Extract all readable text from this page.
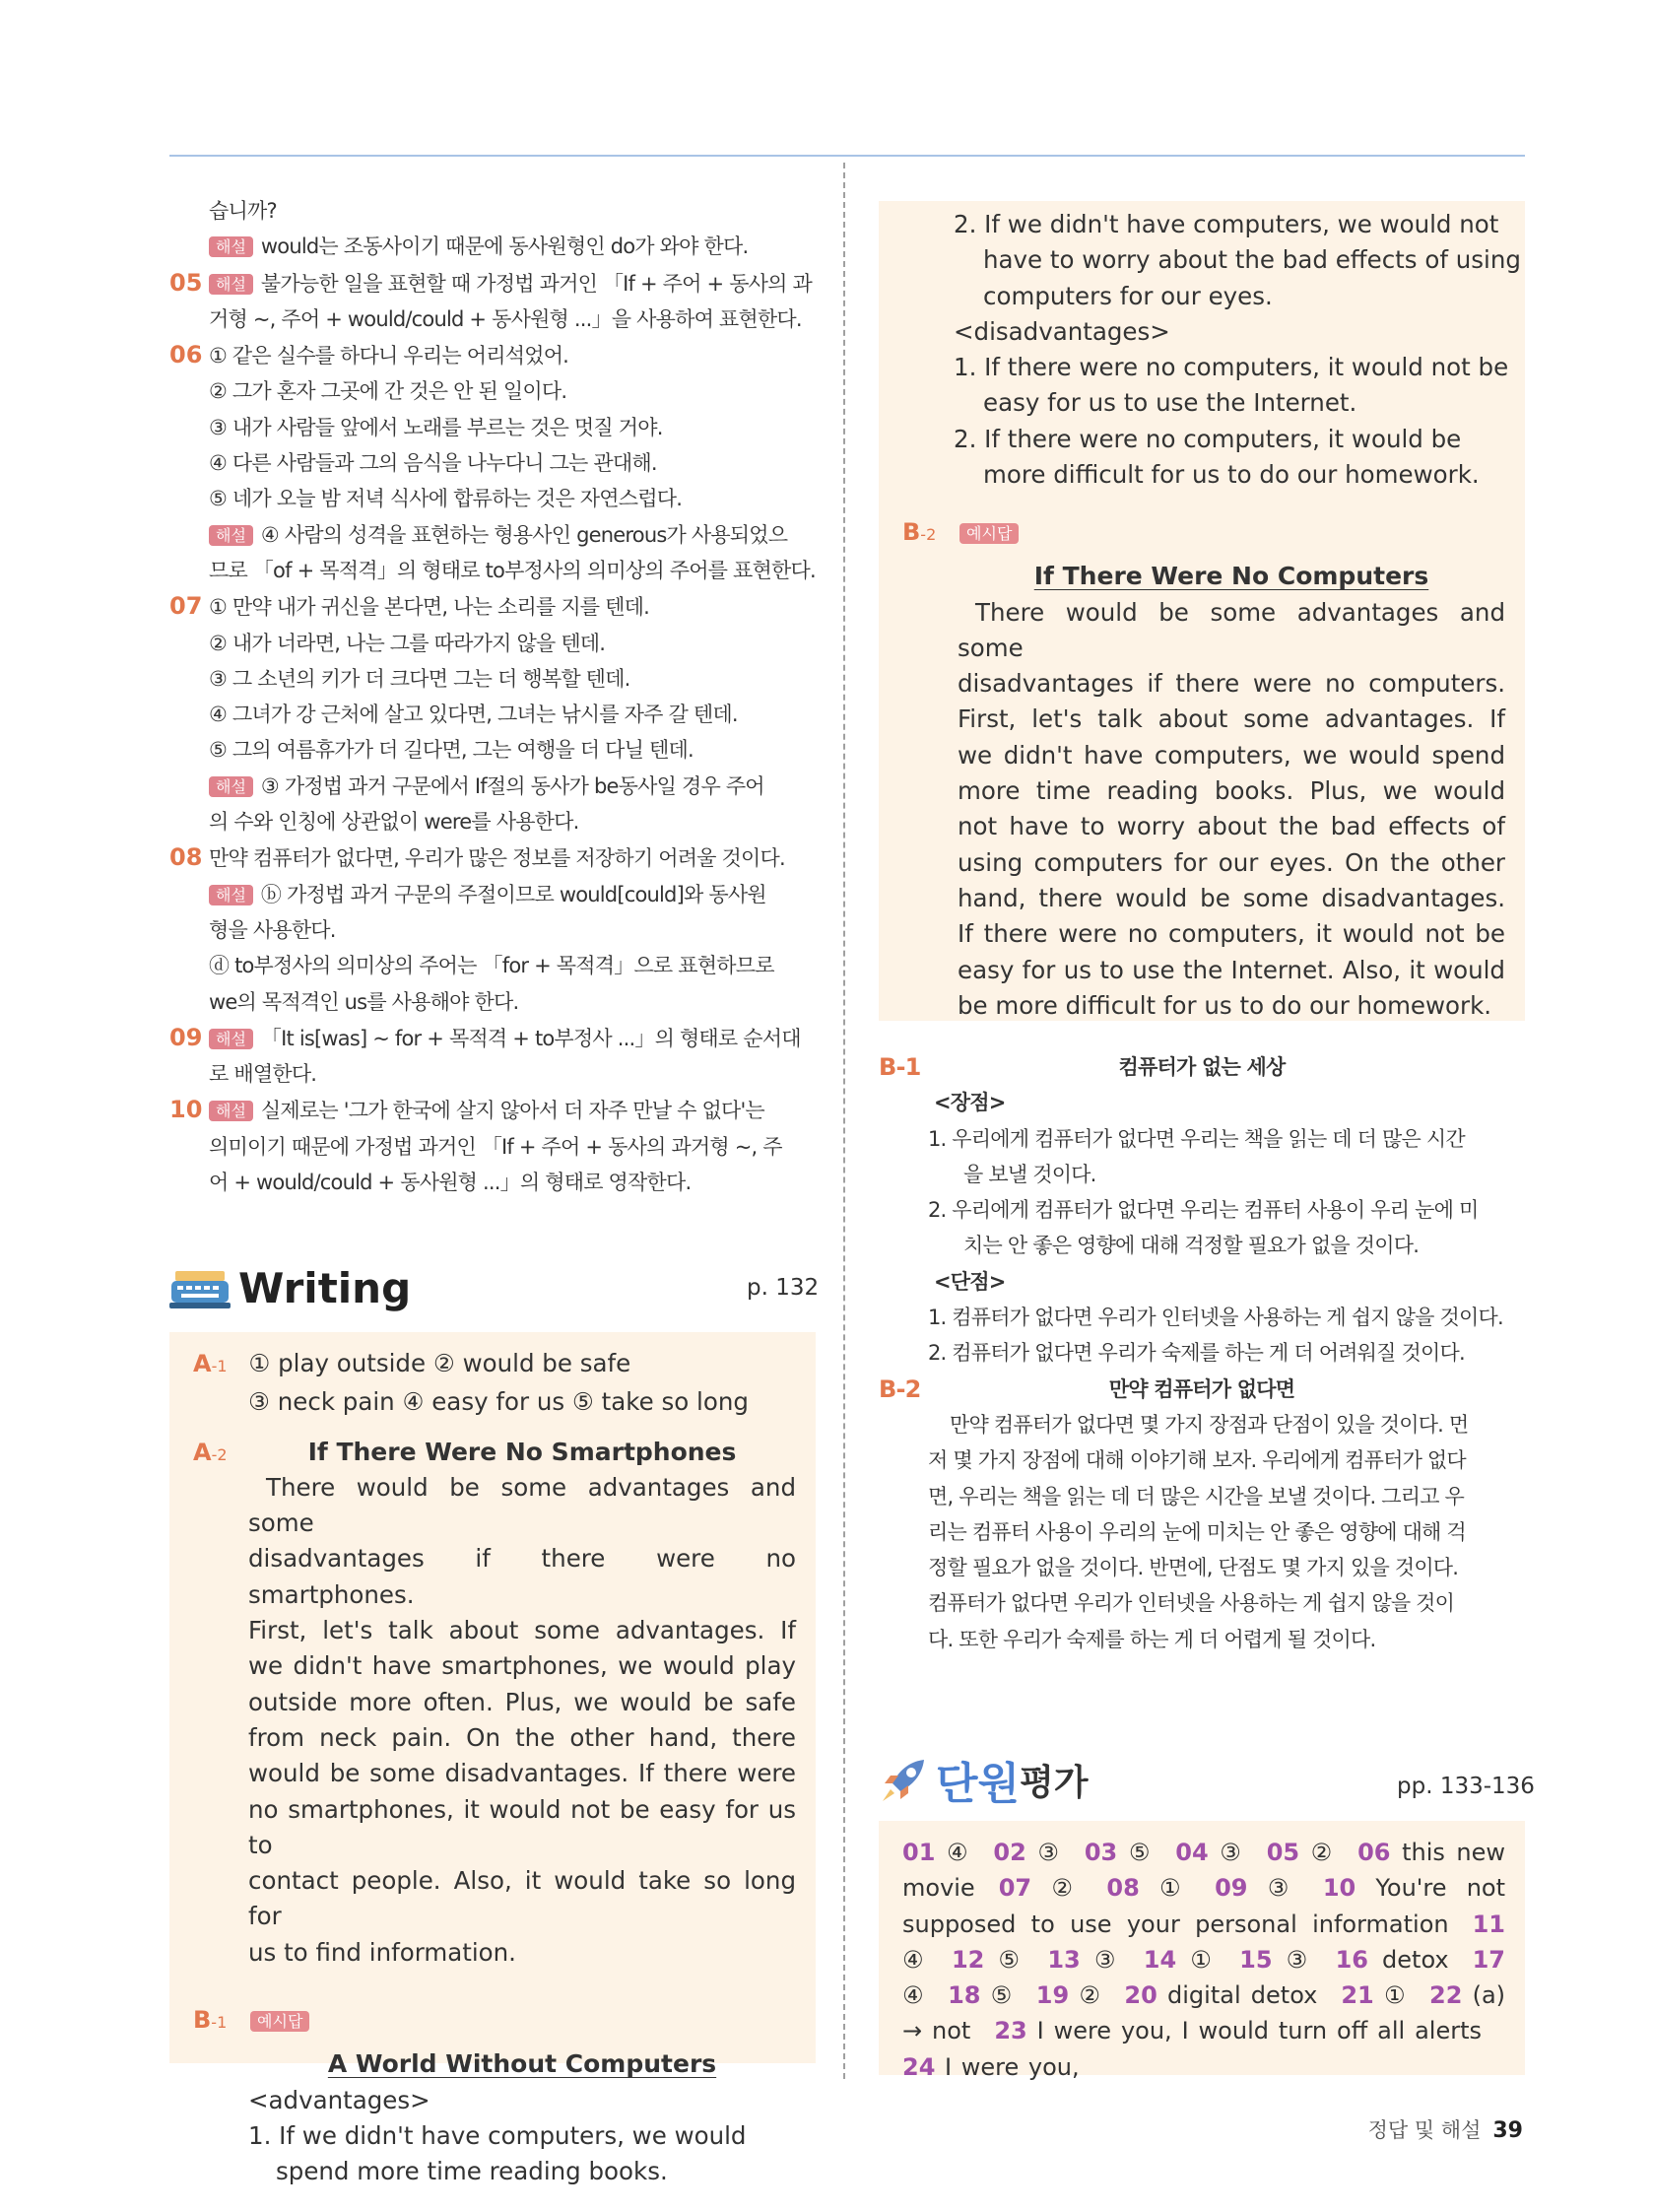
습니까?
해설 would는 조동사이기 때문에 동사원형인 do가 와야 한다.
05 해설 불가능한 일을 표현할 때 가정법 과거인 「If + 주어 + 동사의 과
거형 ~, 주어 + would/could + 동사원형 ...」을 사용하여 표현한다.
06 ① 같은 실수를 하다니 우리는 어리석었어.
② 그가 혼자 그곳에 간 것은 안 된 일이다.
③ 내가 사람들 앞에서 노래를 부르는 것은 멋질 거야.
④ 다른 사람들과 그의 음식을 나누다니 그는 관대해.
⑤ 네가 오늘 밤 저녁 식사에 합류하는 것은 자연스럽다.
해설 ④ 사람의 성격을 표현하는 형용사인 generous가 사용되었으
므로 「of + 목적격」의 형태로 to부정사의 의미상의 주어를 표현한다.
07 ① 만약 내가 귀신을 본다면, 나는 소리를 지를 텐데.
② 내가 너라면, 나는 그를 따라가지 않을 텐데.
③ 그 소년의 키가 더 크다면 그는 더 행복할 텐데.
④ 그녀가 강 근처에 살고 있다면, 그녀는 낚시를 자주 갈 텐데.
⑤ 그의 여름휴가가 더 길다면, 그는 여행을 더 다닐 텐데.
해설 ③ 가정법 과거 구문에서 If절의 동사가 be동사일 경우 주어
의 수와 인칭에 상관없이 were를 사용한다.
08 만약 컴퓨터가 없다면, 우리가 많은 정보를 저장하기 어려울 것이다.
해설 ⓑ 가정법 과거 구문의 주절이므로 would[could]와 동사원
형을 사용한다.
ⓓ to부정사의 의미상의 주어는 「for + 목적격」으로 표현하므로
we의 목적격인 us를 사용해야 한다.
09 해설 「It is[was] ~ for + 목적격 + to부정사 ...」의 형태로 순서대
로 배열한다.
10 해설 실제로는 '그가 한국에 살지 않아서 더 자주 만날 수 없다'는
의미이기 때문에 가정법 과거인 「If + 주어 + 동사의 과거형 ~, 주
어 + would/could + 동사원형 ...」의 형태로 영작한다.
Writing	p. 132
A-1 ① play outside ② would be safe
③ neck pain ④ easy for us ⑤ take so long
A-2	If There Were No Smartphones
There would be some advantages and some
disadvantages if there were no smartphones.
First, let's talk about some advantages. If
we didn't have smartphones, we would play
outside more often. Plus, we would be safe
from neck pain. On the other hand, there
would be some disadvantages. If there were
no smartphones, it would not be easy for us to
contact people. Also, it would take so long for
us to find information.
B-1 예시답
A World Without Computers
<advantages>
1. If we didn't have computers, we would
spend more time reading books.
2. If we didn't have computers, we would not
have to worry about the bad effects of using
computers for our eyes.
<disadvantages>
1. If there were no computers, it would not be
easy for us to use the Internet.
2. If there were no computers, it would be
more difficult for us to do our homework.
B-2 예시답
If There Were No Computers
There would be some advantages and some
disadvantages if there were no computers.
First, let's talk about some advantages. If
we didn't have computers, we would spend
more time reading books. Plus, we would
not have to worry about the bad effects of
using computers for our eyes. On the other
hand, there would be some disadvantages.
If there were no computers, it would not be
easy for us to use the Internet. Also, it would
be more difficult for us to do our homework.
B-1	컴퓨터가 없는 세상
<장점>
1. 우리에게 컴퓨터가 없다면 우리는 책을 읽는 데 더 많은 시간
을 보낼 것이다.
2. 우리에게 컴퓨터가 없다면 우리는 컴퓨터 사용이 우리 눈에 미
치는 안 좋은 영향에 대해 걱정할 필요가 없을 것이다.
<단점>
1. 컴퓨터가 없다면 우리가 인터넷을 사용하는 게 쉽지 않을 것이다.
2. 컴퓨터가 없다면 우리가 숙제를 하는 게 더 어려워질 것이다.
B-2	만약 컴퓨터가 없다면
만약 컴퓨터가 없다면 몇 가지 장점과 단점이 있을 것이다. 먼
저 몇 가지 장점에 대해 이야기해 보자. 우리에게 컴퓨터가 없다
면, 우리는 책을 읽는 데 더 많은 시간을 보낼 것이다. 그리고 우
리는 컴퓨터 사용이 우리의 눈에 미치는 안 좋은 영향에 대해 걱
정할 필요가 없을 것이다. 반면에, 단점도 몇 가지 있을 것이다.
컴퓨터가 없다면 우리가 인터넷을 사용하는 게 쉽지 않을 것이
다. 또한 우리가 숙제를 하는 게 더 어렵게 될 것이다.
단원 평가	pp. 133-136
01 ④  02 ③  03 ⑤  04 ③  05 ②  06 this new movie  07 ②  08 ①  09 ③  10 You're not supposed to use your personal information  11 ④  12 ⑤  13 ③  14 ①  15 ③  16 detox  17 ④  18 ⑤  19 ②  20 digital detox  21 ①  22 (a) → not  23 I were you, I would turn off all alerts 24 I were you, 
정답 및 해설 39
